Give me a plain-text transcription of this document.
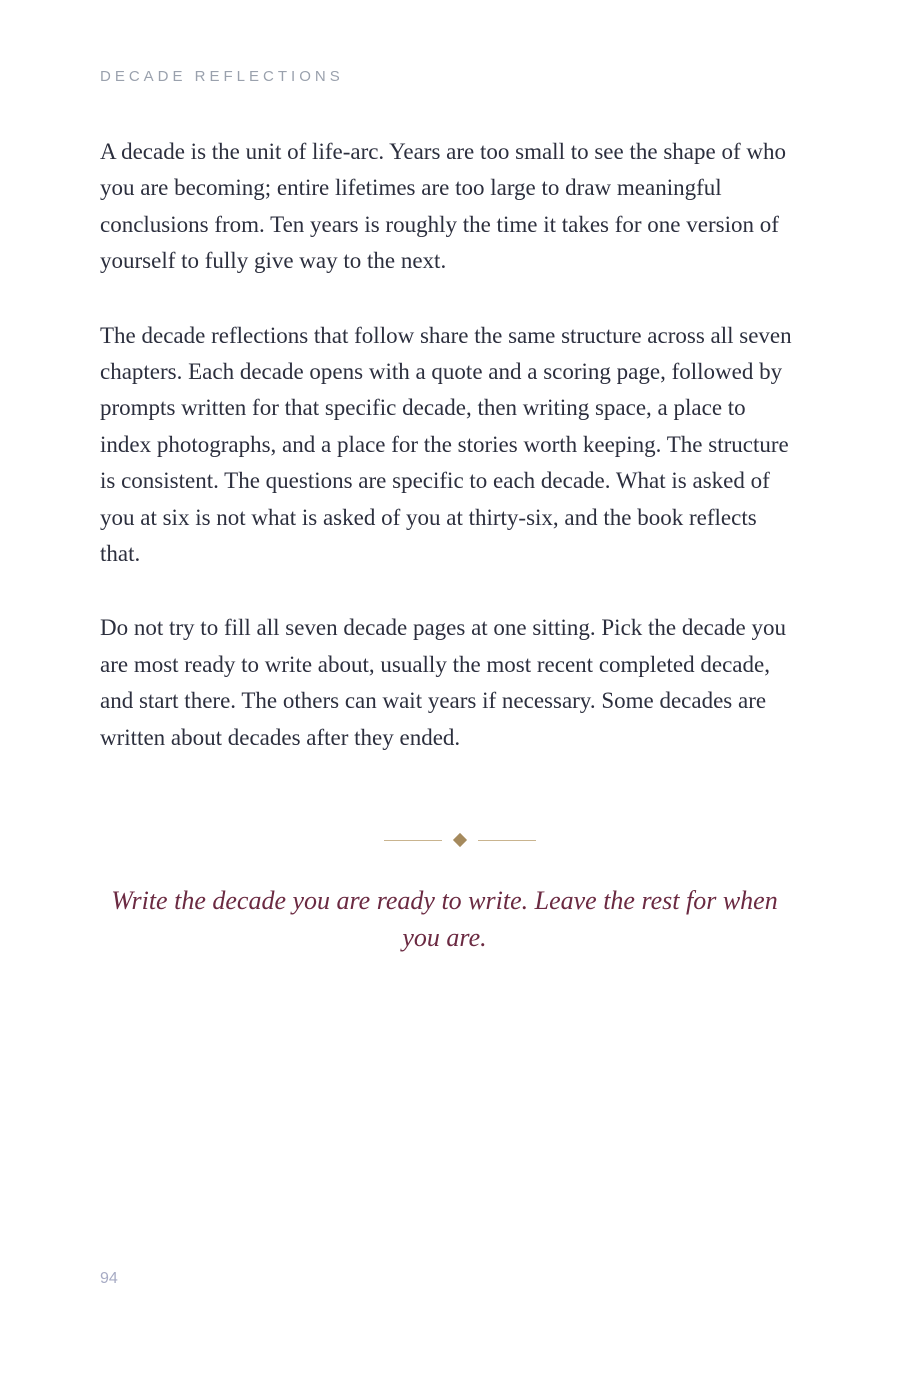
DECADE REFLECTIONS

A decade is the unit of life-arc. Years are too small to see the shape of who you are becoming; entire lifetimes are too large to draw meaningful conclusions from. Ten years is roughly the time it takes for one version of yourself to fully give way to the next.

The decade reflections that follow share the same structure across all seven chapters. Each decade opens with a quote and a scoring page, followed by prompts written for that specific decade, then writing space, a place to index photographs, and a place for the stories worth keeping. The structure is consistent. The questions are specific to each decade. What is asked of you at six is not what is asked of you at thirty-six, and the book reflects that.

Do not try to fill all seven decade pages at one sitting. Pick the decade you are most ready to write about, usually the most recent completed decade, and start there. The others can wait years if necessary. Some decades are written about decades after they ended.

Write the decade you are ready to write. Leave the rest for when you are.

94
